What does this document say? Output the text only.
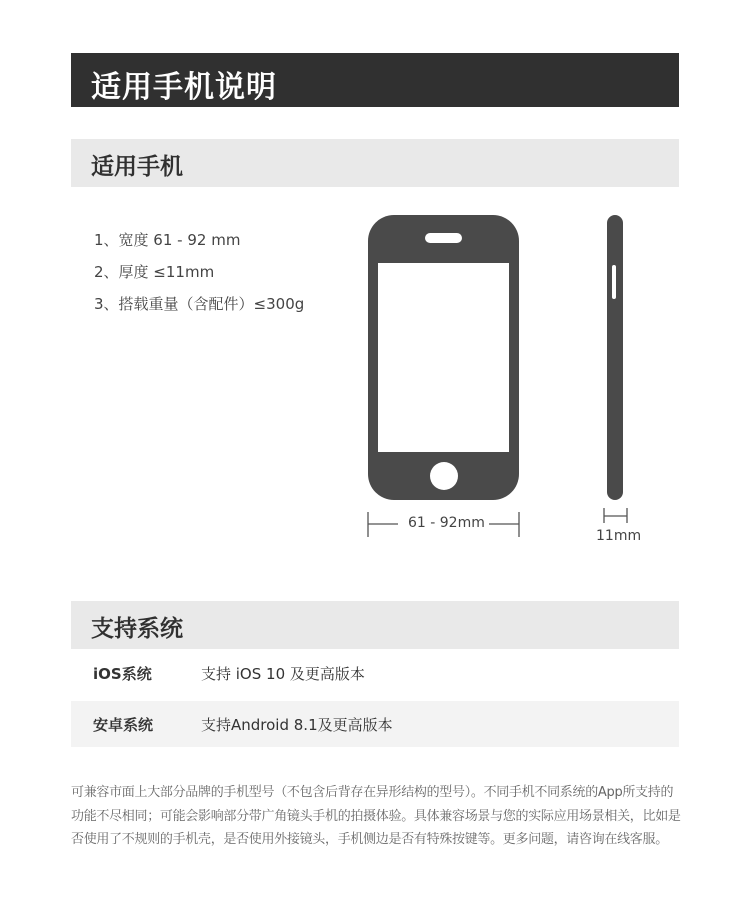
适用手机说明
适用手机
1、宽度 61 - 92 mm
2、厚度 ≤11mm
3、搭载重量（含配件）≤300g
61 - 92mm
11mm
支持系统
iOS系统	支持 iOS 10 及更高版本
安卓系统	支持Android 8.1及更高版本
可兼容市面上大部分品牌的手机型号（不包含后背存在异形结构的型号）。不同手机不同系统的App所支持的功能不尽相同；可能会影响部分带广角镜头手机的拍摄体验。具体兼容场景与您的实际应用场景相关，比如是否使用了不规则的手机壳，是否使用外接镜头，手机侧边是否有特殊按键等。更多问题，请咨询在线客服。
